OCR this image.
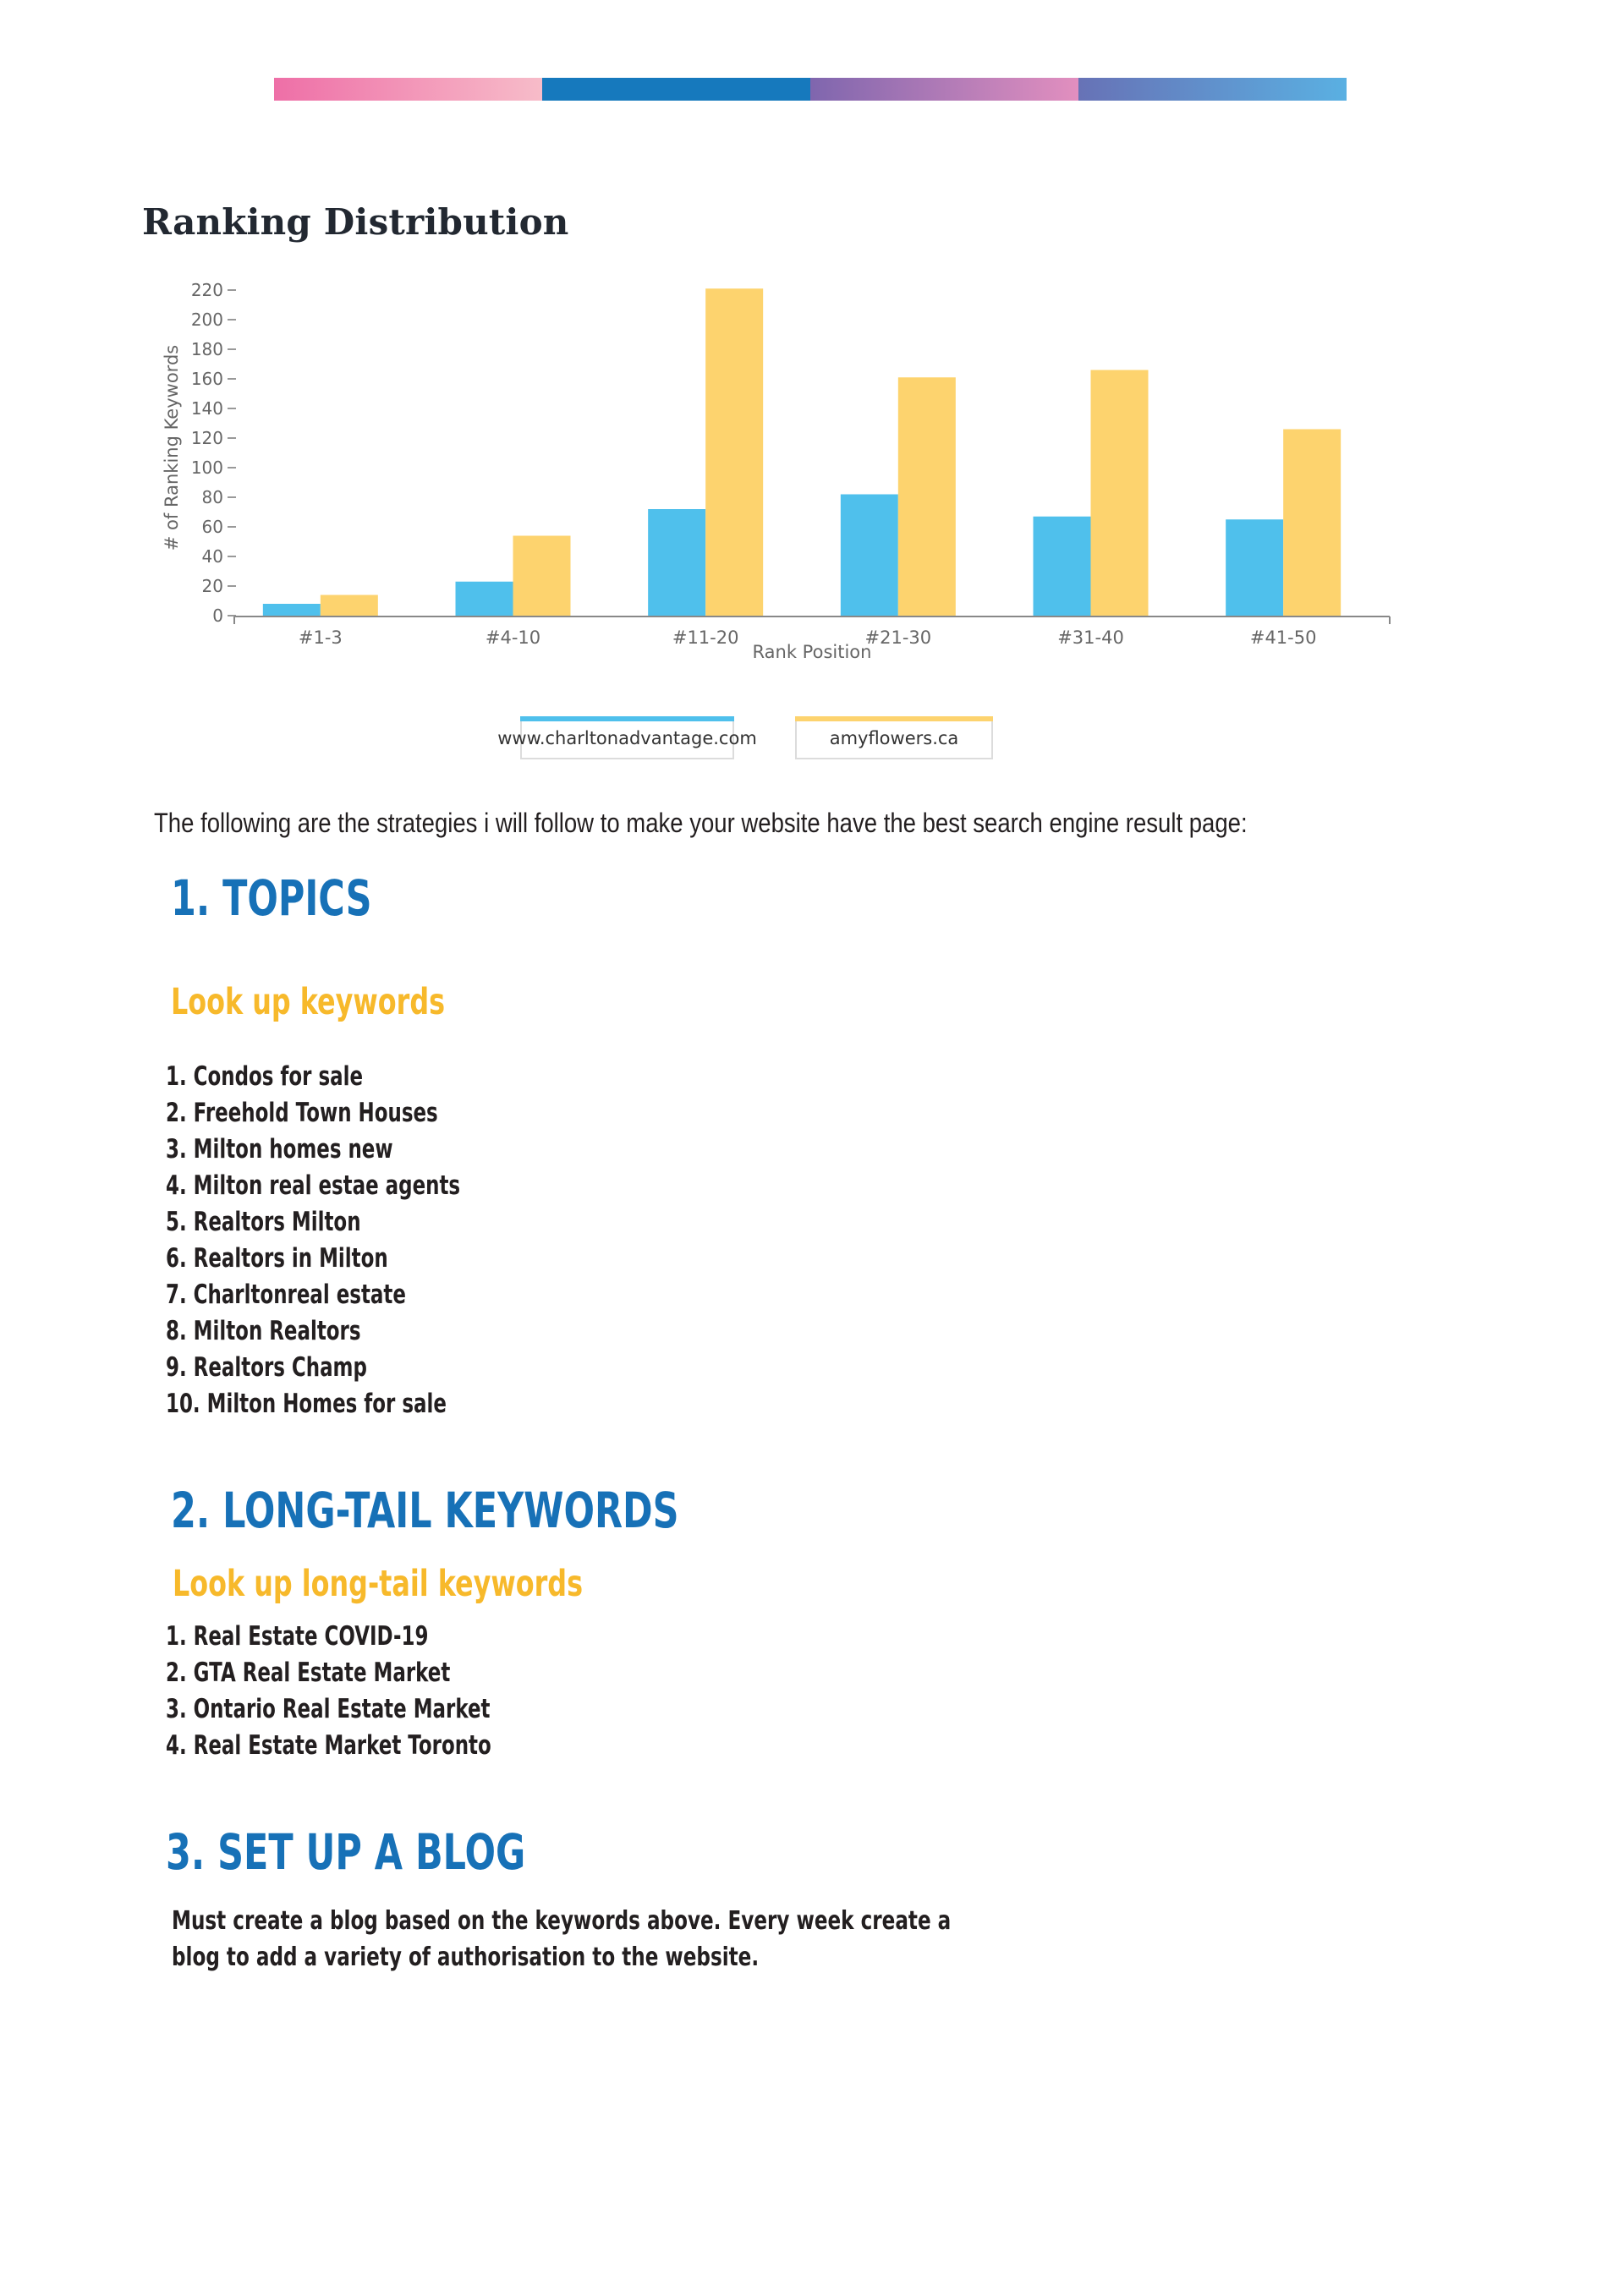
Ranking Distribution
0
20
40
60
80
100
120
140
160
180
200
220
# of Ranking Keywords
#1-3	#4-10	#11-20	#21-30	#31-40	#41-50
Rank Position
www.charltonadvantage.com	amyflowers.ca

The following are the strategies i will follow to make your website have the best search engine result page:

1. TOPICS
Look up keywords
1. Condos for sale
2. Freehold Town Houses
3. Milton homes new
4. Milton real estae agents
5. Realtors Milton
6. Realtors in Milton
7. Charltonreal estate
8. Milton Realtors
9. Realtors Champ
10. Milton Homes for sale
2. LONG-TAIL KEYWORDS
Look up long-tail keywords
1. Real Estate COVID-19
2. GTA Real Estate Market
3. Ontario Real Estate Market
4. Real Estate Market Toronto
3. SET UP A BLOG

Must create a blog based on the keywords above. Every week create a blog to add a variety of authorisation to the website.
